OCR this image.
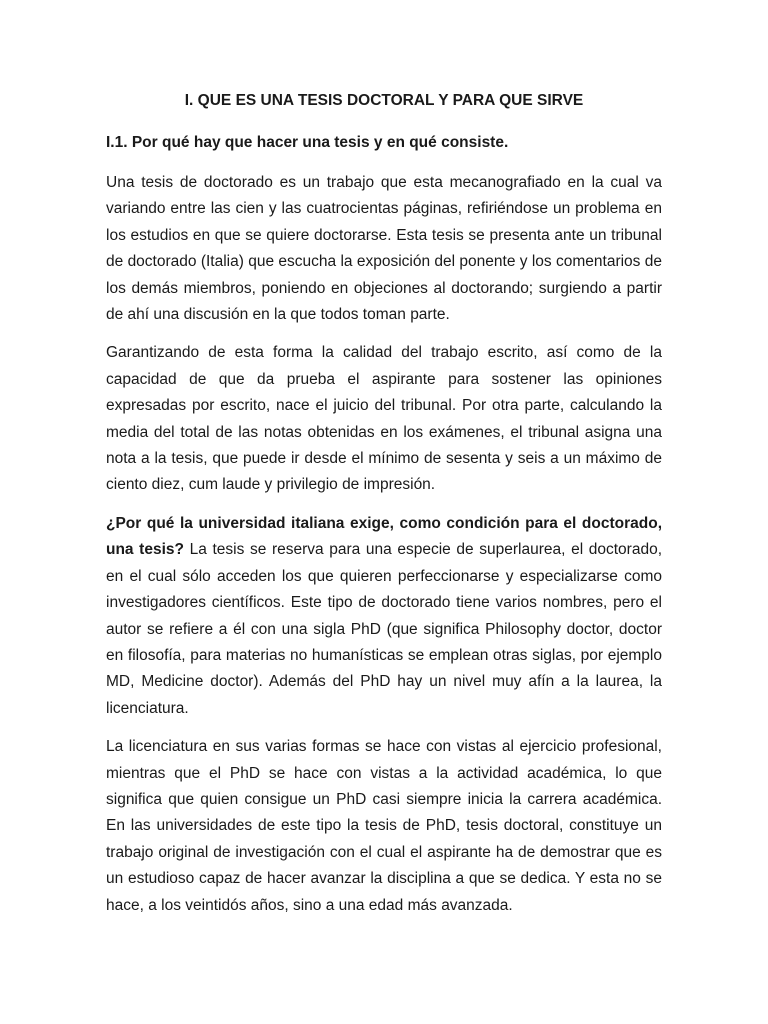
I. QUE ES UNA TESIS DOCTORAL Y PARA QUE SIRVE
I.1. Por qué hay que hacer una tesis y en qué consiste.

Una tesis de doctorado es un trabajo que esta mecanografiado en la cual va variando entre las cien y las cuatrocientas páginas, refiriéndose un problema en los estudios en que se quiere doctorarse. Esta tesis se presenta ante un tribunal de doctorado (Italia) que escucha la exposición del ponente y los comentarios de los demás miembros, poniendo en objeciones al doctorando; surgiendo a partir de ahí una discusión en la que todos toman parte.

Garantizando de esta forma la calidad del trabajo escrito, así como de la capacidad de que da prueba el aspirante para sostener las opiniones expresadas por escrito, nace el juicio del tribunal. Por otra parte, calculando la media del total de las notas obtenidas en los exámenes, el tribunal asigna una nota a la tesis, que puede ir desde el mínimo de sesenta y seis a un máximo de ciento diez, cum laude y privilegio de impresión.

¿Por qué la universidad italiana exige, como condición para el doctorado, una tesis? La tesis se reserva para una especie de superlaurea, el doctorado, en el cual sólo acceden los que quieren perfeccionarse y especializarse como investigadores científicos. Este tipo de doctorado tiene varios nombres, pero el autor se refiere a él con una sigla PhD (que significa Philosophy doctor, doctor en filosofía, para materias no humanísticas se emplean otras siglas, por ejemplo MD, Medicine doctor). Además del PhD hay un nivel muy afín a la laurea, la licenciatura.

La licenciatura en sus varias formas se hace con vistas al ejercicio profesional, mientras que el PhD se hace con vistas a la actividad académica, lo que significa que quien consigue un PhD casi siempre inicia la carrera académica. En las universidades de este tipo la tesis de PhD, tesis doctoral, constituye un trabajo original de investigación con el cual el aspirante ha de demostrar que es un estudioso capaz de hacer avanzar la disciplina a que se dedica. Y esta no se hace, a los veintidós años, sino a una edad más avanzada.
